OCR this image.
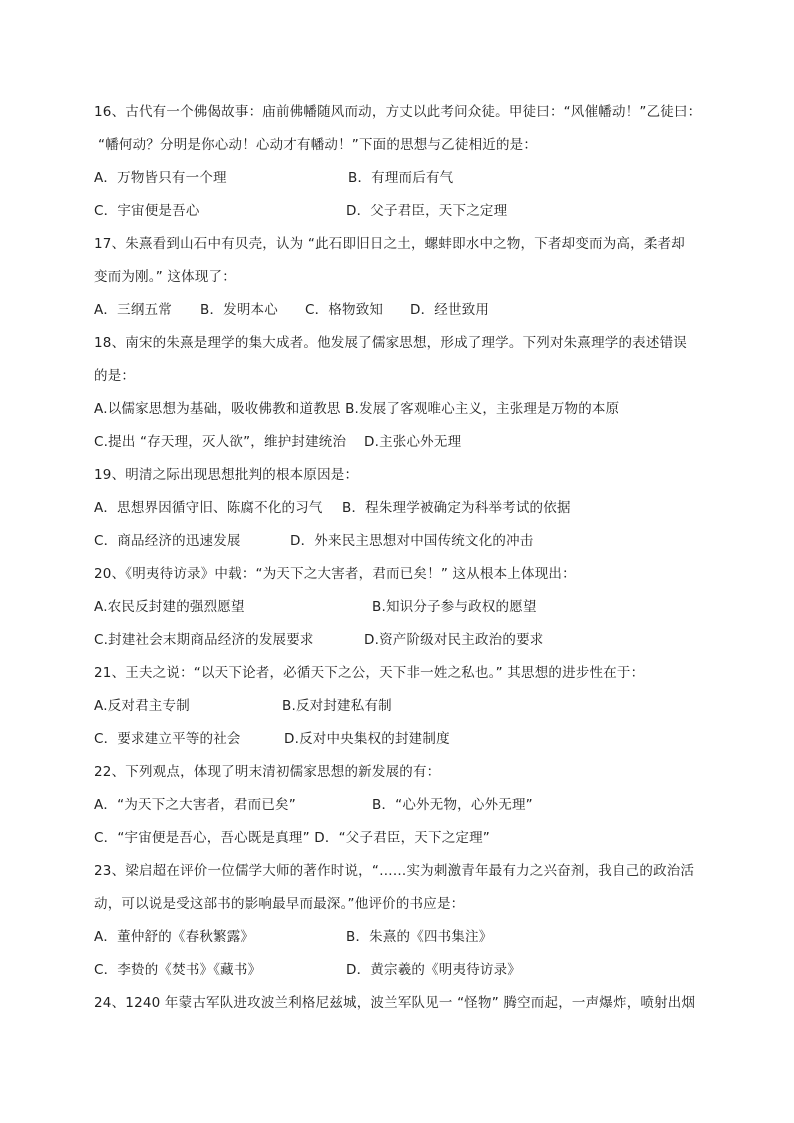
16、古代有一个佛偈故事：庙前佛幡随风而动，方丈以此考问众徒。甲徒曰：“风催幡动！”乙徒曰：
“幡何动？分明是你心动！心动才有幡动！”下面的思想与乙徒相近的是：
A．万物皆只有一个理	B．有理而后有气
C．宇宙便是吾心	D．父子君臣，天下之定理
17、朱熹看到山石中有贝壳，认为 “此石即旧日之土，螺蚌即水中之物，下者却变而为高，柔者却
变而为刚。” 这体现了：
A．三纲五常 B．发明本心 C．格物致知 D．经世致用
18、南宋的朱熹是理学的集大成者。他发展了儒家思想，形成了理学。下列对朱熹理学的表述错误
的是：
A.以儒家思想为基础，吸收佛教和道教思 B.发展了客观唯心主义，主张理是万物的本原
C.提出 “存天理，灭人欲”，维护封建统治 D.主张心外无理
19、明清之际出现思想批判的根本原因是：
A．思想界因循守旧、陈腐不化的习气 B．程朱理学被确定为科举考试的依据
C．商品经济的迅速发展	D．外来民主思想对中国传统文化的冲击
20、《明夷待访录》中载：“为天下之大害者，君而已矣！” 这从根本上体现出：
A.农民反封建的强烈愿望	B.知识分子参与政权的愿望
C.封建社会末期商品经济的发展要求	D.资产阶级对民主政治的要求
21、王夫之说：“以天下论者，必循天下之公，天下非一姓之私也。” 其思想的进步性在于：
A.反对君主专制	B.反对封建私有制
C．要求建立平等的社会	D.反对中央集权的封建制度
22、下列观点，体现了明末清初儒家思想的新发展的有：
A．“为天下之大害者，君而已矣”	B．“心外无物，心外无理”
C．“宇宙便是吾心，吾心既是真理” D．“父子君臣，天下之定理”
23、梁启超在评价一位儒学大师的著作时说，“……实为刺激青年最有力之兴奋剂，我自己的政治活
动，可以说是受这部书的影响最早而最深。”他评价的书应是：
A．董仲舒的《春秋繁露》	B．朱熹的《四书集注》
C．李贽的《焚书》《藏书》	D．黄宗羲的《明夷待访录》
24、1240 年蒙古军队进攻波兰利格尼兹城，波兰军队见一 “怪物” 腾空而起，一声爆炸，喷射出烟
